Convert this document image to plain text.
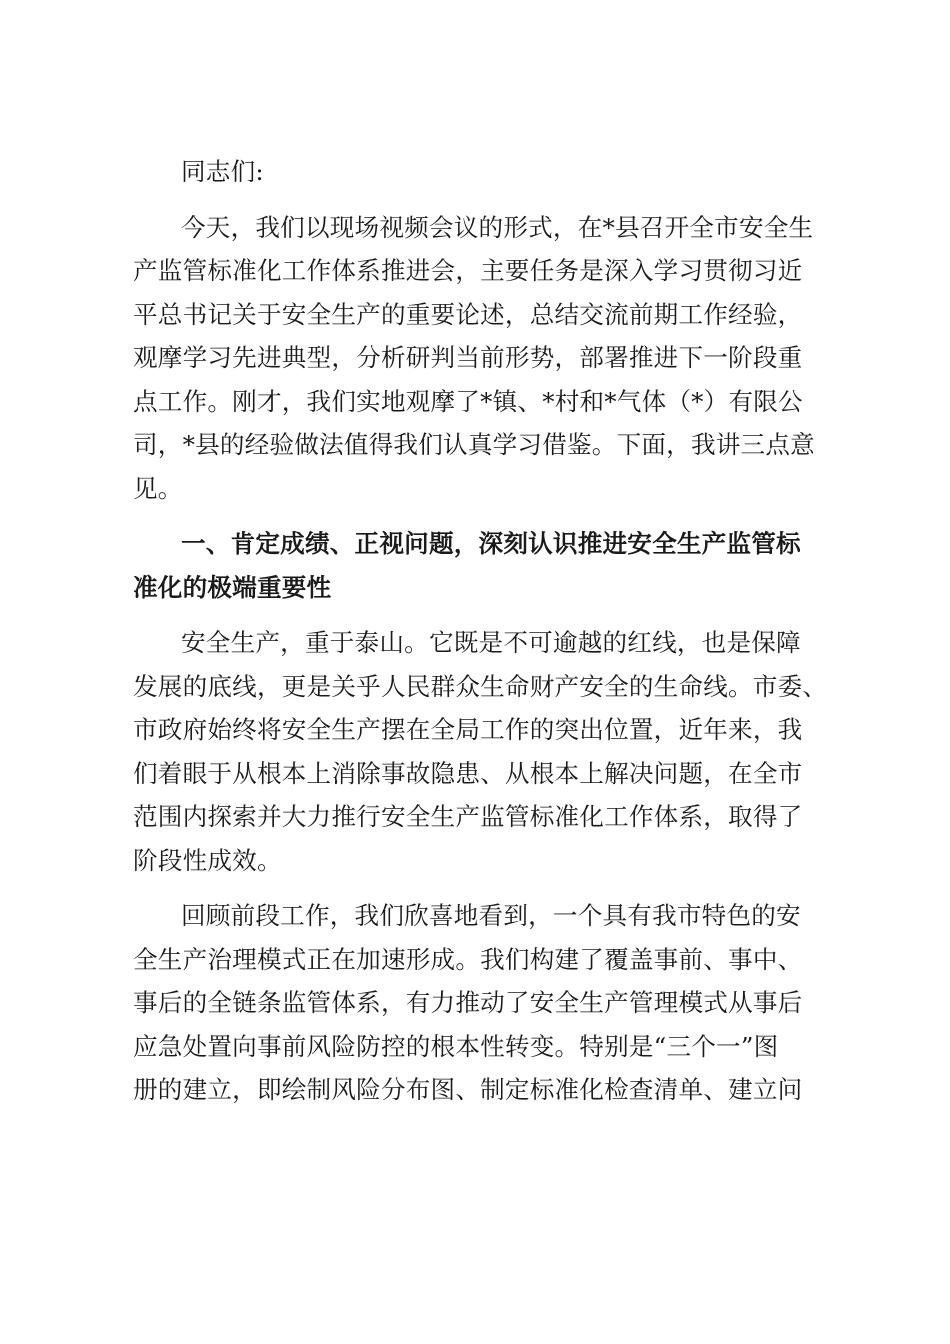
同志们:
今天，我们以现场视频会议的形式，在*县召开全市安全生
产监管标准化工作体系推进会，主要任务是深入学习贯彻习近
平总书记关于安全生产的重要论述，总结交流前期工作经验，
观摩学习先进典型，分析研判当前形势，部署推进下一阶段重
点工作。刚才，我们实地观摩了*镇、*村和*气体（*）有限公
司，*县的经验做法值得我们认真学习借鉴。下面，我讲三点意
见。
一、肯定成绩、正视问题，深刻认识推进安全生产监管标
准化的极端重要性
安全生产，重于泰山。它既是不可逾越的红线，也是保障
发展的底线，更是关乎人民群众生命财产安全的生命线。市委、
市政府始终将安全生产摆在全局工作的突出位置，近年来，我
们着眼于从根本上消除事故隐患、从根本上解决问题，在全市
范围内探索并大力推行安全生产监管标准化工作体系，取得了
阶段性成效。
回顾前段工作，我们欣喜地看到，一个具有我市特色的安
全生产治理模式正在加速形成。我们构建了覆盖事前、事中、
事后的全链条监管体系，有力推动了安全生产管理模式从事后
应急处置向事前风险防控的根本性转变。特别是“三个一”图
册的建立，即绘制风险分布图、制定标准化检查清单、建立问
